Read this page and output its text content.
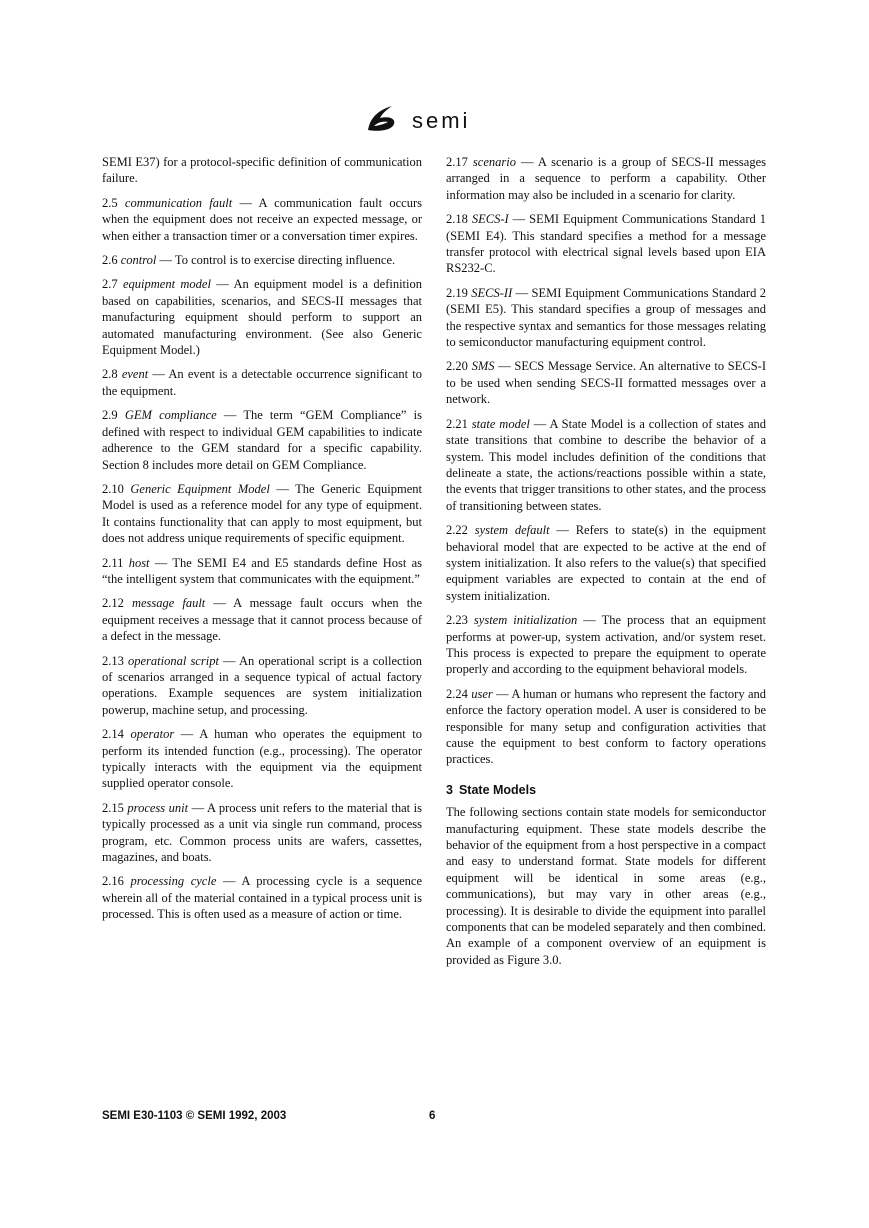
semi

SEMI E37) for a protocol-specific definition of communication failure.

2.5 communication fault — A communication fault occurs when the equipment does not receive an expected message, or when either a transaction timer or a conversation timer expires.

2.6 control — To control is to exercise directing influence.

2.7 equipment model — An equipment model is a definition based on capabilities, scenarios, and SECS-II messages that manufacturing equipment should perform to support an automated manufacturing environment. (See also Generic Equipment Model.)

2.8 event — An event is a detectable occurrence significant to the equipment.

2.9 GEM compliance — The term “GEM Compliance” is defined with respect to individual GEM capabilities to indicate adherence to the GEM standard for a specific capability. Section 8 includes more detail on GEM Compliance.

2.10 Generic Equipment Model — The Generic Equipment Model is used as a reference model for any type of equipment. It contains functionality that can apply to most equipment, but does not address unique requirements of specific equipment.

2.11 host — The SEMI E4 and E5 standards define Host as “the intelligent system that communicates with the equipment.”

2.12 message fault — A message fault occurs when the equipment receives a message that it cannot process because of a defect in the message.

2.13 operational script — An operational script is a collection of scenarios arranged in a sequence typical of actual factory operations. Example sequences are system initialization powerup, machine setup, and processing.

2.14 operator — A human who operates the equipment to perform its intended function (e.g., processing). The operator typically interacts with the equipment via the equipment supplied operator console.

2.15 process unit — A process unit refers to the material that is typically processed as a unit via single run command, process program, etc. Common process units are wafers, cassettes, magazines, and boats.

2.16 processing cycle — A processing cycle is a sequence wherein all of the material contained in a typical process unit is processed. This is often used as a measure of action or time.

2.17 scenario — A scenario is a group of SECS-II messages arranged in a sequence to perform a capability. Other information may also be included in a scenario for clarity.

2.18 SECS-I — SEMI Equipment Communications Standard 1 (SEMI E4). This standard specifies a method for a message transfer protocol with electrical signal levels based upon EIA RS232-C.

2.19 SECS-II — SEMI Equipment Communications Standard 2 (SEMI E5). This standard specifies a group of messages and the respective syntax and semantics for those messages relating to semiconductor manufacturing equipment control.

2.20 SMS — SECS Message Service. An alternative to SECS-I to be used when sending SECS-II formatted messages over a network.

2.21 state model — A State Model is a collection of states and state transitions that combine to describe the behavior of a system. This model includes definition of the conditions that delineate a state, the actions/reactions possible within a state, the events that trigger transitions to other states, and the process of transitioning between states.

2.22 system default — Refers to state(s) in the equipment behavioral model that are expected to be active at the end of system initialization. It also refers to the value(s) that specified equipment variables are expected to contain at the end of system initialization.

2.23 system initialization — The process that an equipment performs at power-up, system activation, and/or system reset. This process is expected to prepare the equipment to operate properly and according to the equipment behavioral models.

2.24 user — A human or humans who represent the factory and enforce the factory operation model. A user is considered to be responsible for many setup and configuration activities that cause the equipment to best conform to factory operations practices.

3 State Models

The following sections contain state models for semiconductor manufacturing equipment. These state models describe the behavior of the equipment from a host perspective in a compact and easy to understand format. State models for different equipment will be identical in some areas (e.g., communications), but may vary in other areas (e.g., processing). It is desirable to divide the equipment into parallel components that can be modeled separately and then combined. An example of a component overview of an equipment is provided as Figure 3.0.

SEMI E30-1103 © SEMI 1992, 2003	6
